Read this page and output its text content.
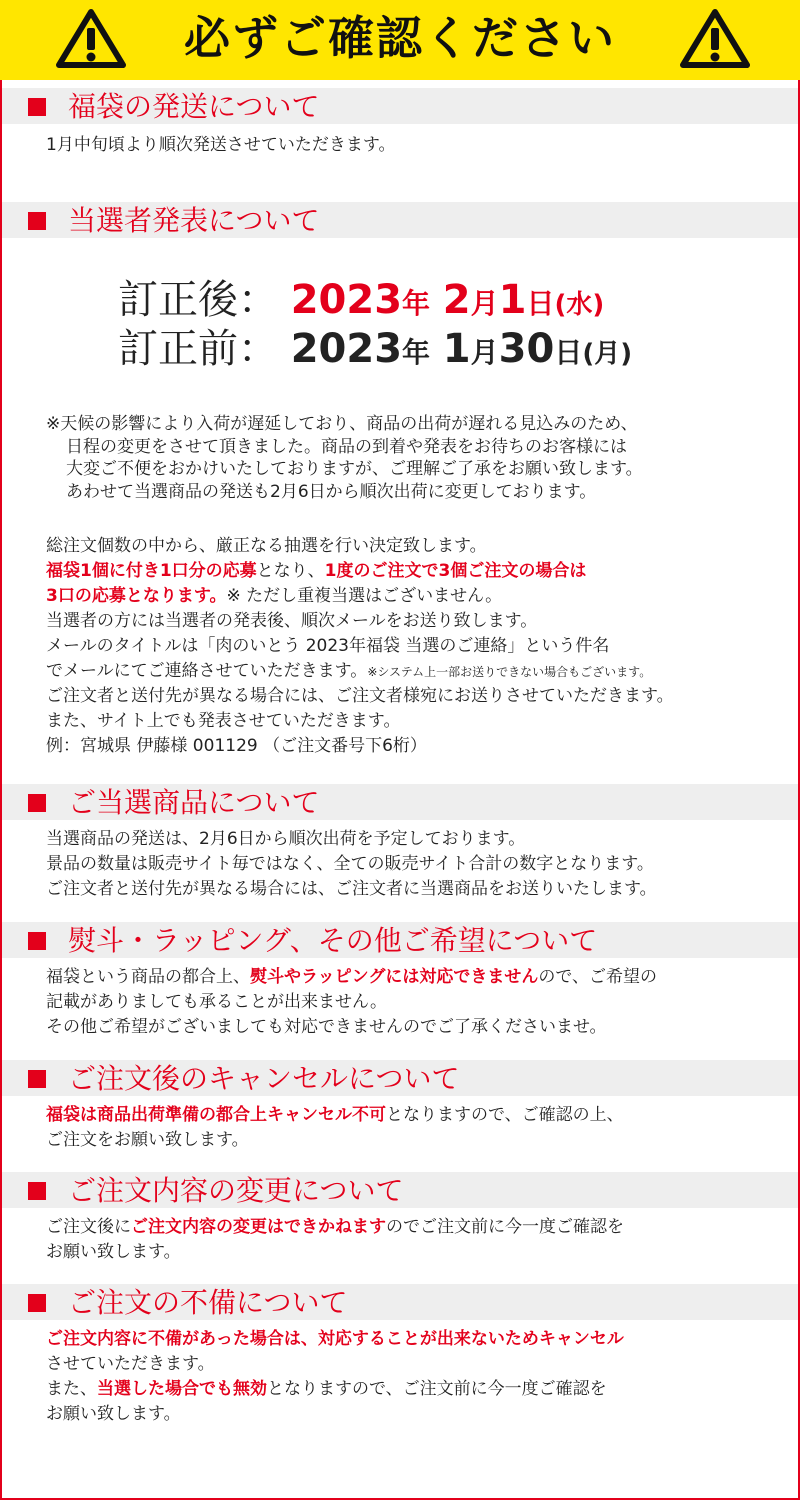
必ずご確認ください
福袋の発送について
1月中旬頃より順次発送させていただきます。
当選者発表について
訂正後： 2023年 2月1日(水)
訂正前： 2023年 1月30日(月)
※天候の影響により入荷が遅延しており、商品の出荷が遅れる見込みのため、
日程の変更をさせて頂きました。商品の到着や発表をお待ちのお客様には
大変ご不便をおかけいたしておりますが、ご理解ご了承をお願い致します。
あわせて当選商品の発送も2月6日から順次出荷に変更しております。
総注文個数の中から、厳正なる抽選を行い決定致します。
福袋1個に付き1口分の応募となり、1度のご注文で3個ご注文の場合は
3口の応募となります。※ ただし重複当選はございません。
当選者の方には当選者の発表後、順次メールをお送り致します。
メールのタイトルは「肉のいとう 2023年福袋 当選のご連絡」という件名
でメールにてご連絡させていただきます。※システム上一部お送りできない場合もございます。
ご注文者と送付先が異なる場合には、ご注文者様宛にお送りさせていただきます。
また、サイト上でも発表させていただきます。
例：宮城県 伊藤様 001129 （ご注文番号下6桁）
ご当選商品について
当選商品の発送は、2月6日から順次出荷を予定しております。
景品の数量は販売サイト毎ではなく、全ての販売サイト合計の数字となります。
ご注文者と送付先が異なる場合には、ご注文者に当選商品をお送りいたします。
熨斗・ラッピング、その他ご希望について
福袋という商品の都合上、熨斗やラッピングには対応できませんので、ご希望の
記載がありましても承ることが出来ません。
その他ご希望がございましても対応できませんのでご了承くださいませ。
ご注文後のキャンセルについて
福袋は商品出荷準備の都合上キャンセル不可となりますので、ご確認の上、
ご注文をお願い致します。
ご注文内容の変更について
ご注文後にご注文内容の変更はできかねますのでご注文前に今一度ご確認を
お願い致します。
ご注文の不備について
ご注文内容に不備があった場合は、対応することが出来ないためキャンセル
させていただきます。
また、当選した場合でも無効となりますので、ご注文前に今一度ご確認を
お願い致します。
